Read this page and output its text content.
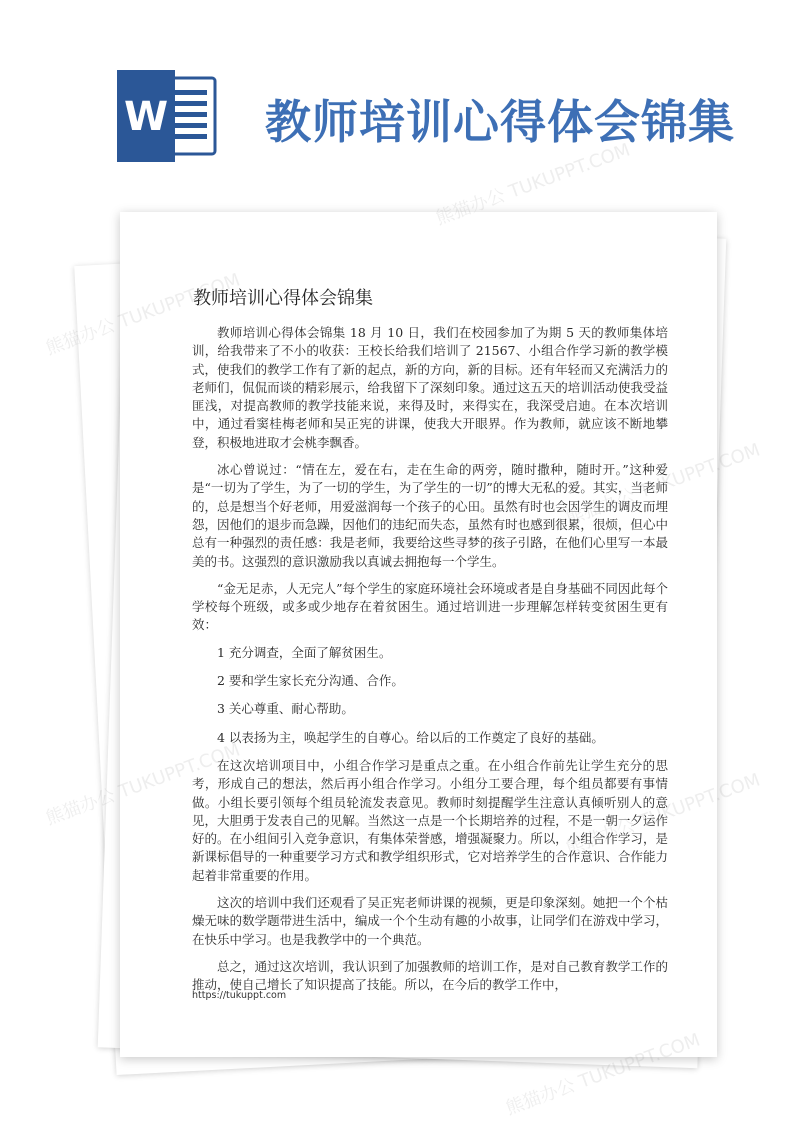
W 教师培训心得体会锦集
教师培训心得体会锦集

教师培训心得体会锦集 18 月 10 日，我们在校园参加了为期 5 天的教师集体培训，给我带来了不小的收获：王校长给我们培训了 21567、小组合作学习新的教学模式，使我们的教学工作有了新的起点，新的方向，新的目标。还有年轻而又充满活力的老师们，侃侃而谈的精彩展示，给我留下了深刻印象。通过这五天的培训活动使我受益匪浅，对提高教师的教学技能来说，来得及时，来得实在，我深受启迪。在本次培训中，通过看窦桂梅老师和吴正宪的讲课，使我大开眼界。作为教师，就应该不断地攀登，积极地进取才会桃李飘香。

冰心曾说过：“情在左，爱在右，走在生命的两旁，随时撒种，随时开。”这种爱是“一切为了学生，为了一切的学生，为了学生的一切”的博大无私的爱。其实，当老师的，总是想当个好老师，用爱滋润每一个孩子的心田。虽然有时也会因学生的调皮而埋怨，因他们的退步而急躁，因他们的违纪而失态，虽然有时也感到很累，很烦，但心中总有一种强烈的责任感：我是老师，我要给这些寻梦的孩子引路，在他们心里写一本最美的书。这强烈的意识激励我以真诚去拥抱每一个学生。

“金无足赤，人无完人”每个学生的家庭环境社会环境或者是自身基础不同因此每个学校每个班级，或多或少地存在着贫困生。通过培训进一步理解怎样转变贫困生更有效：

1 充分调查，全面了解贫困生。

2 要和学生家长充分沟通、合作。

3 关心尊重、耐心帮助。

4 以表扬为主，唤起学生的自尊心。给以后的工作奠定了良好的基础。

在这次培训项目中，小组合作学习是重点之重。在小组合作前先让学生充分的思考，形成自己的想法，然后再小组合作学习。小组分工要合理，每个组员都要有事情做。小组长要引领每个组员轮流发表意见。教师时刻提醒学生注意认真倾听别人的意见，大胆勇于发表自己的见解。当然这一点是一个长期培养的过程，不是一朝一夕运作好的。在小组间引入竞争意识，有集体荣誉感，增强凝聚力。所以，小组合作学习，是新课标倡导的一种重要学习方式和教学组织形式，它对培养学生的合作意识、合作能力起着非常重要的作用。

这次的培训中我们还观看了吴正宪老师讲课的视频，更是印象深刻。她把一个个枯燥无味的数学题带进生活中，编成一个个生动有趣的小故事，让同学们在游戏中学习，在快乐中学习。也是我教学中的一个典范。

总之，通过这次培训，我认识到了加强教师的培训工作，是对自己教育教学工作的推动，使自己增长了知识提高了技能。所以，在今后的教学工作中，

https://tukuppt.com
熊猫办公
熊猫办公 TUKUPPT.COM
